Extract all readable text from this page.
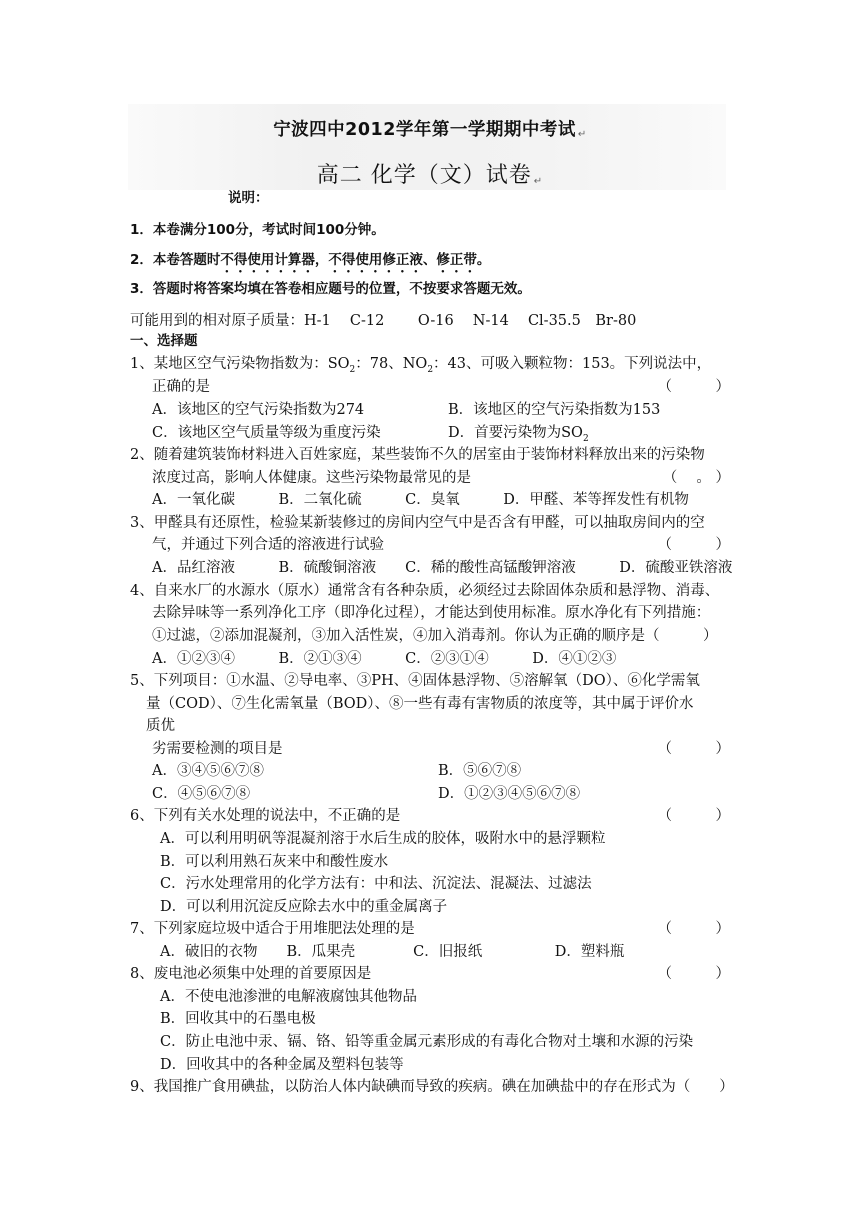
宁波四中2012学年第一学期期中考试 ↵
高二 化学（文）试卷 ↵
说明：
1．本卷满分100分，考试时间100分钟。
2．本卷答题时不得使用计算器，不得使用修正液、修正带。
3．答题时将答案均填在答卷相应题号的位置，不按要求答题无效。
可能用到的相对原子质量：H-1　 C-12　　 O-16　 N-14　 Cl-35.5　Br-80
一、选择题
1、某地区空气污染物指数为：$SO_2$：78、$NO_2$：43、可吸入颗粒物：153。下列说法中，
正确的是	（　　　）
A．该地区的空气污染指数为274	B．该地区的空气污染指数为153
C．该地区空气质量等级为重度污染	D．首要污染物为$SO_2$
2、随着建筑装饰材料进入百姓家庭，某些装饰不久的居室由于装饰材料释放出来的污染物
浓度过高，影响人体健康。这些污染物最常见的是	（　 。 ）
A．一氧化碳　　　B．二氧化硫　　　C．臭氧　　　D．甲醛、苯等挥发性有机物
3、甲醛具有还原性，检验某新装修过的房间内空气中是否含有甲醛，可以抽取房间内的空
气，并通过下列合适的溶液进行试验	（　　　）
A．品红溶液　　　B．硫酸铜溶液　　C．稀的酸性高锰酸钾溶液　　　D．硫酸亚铁溶液
4、自来水厂的水源水（原水）通常含有各种杂质，必须经过去除固体杂质和悬浮物、消毒、
去除异味等一系列净化工序（即净化过程），才能达到使用标准。原水净化有下列措施：
①过滤，②添加混凝剂，③加入活性炭，④加入消毒剂。你认为正确的顺序是（　　　）
A．①②③④　　　B．②①③④　　　C．②③①④　　　D．④①②③
5、下列项目：①水温、②导电率、③PH、④固体悬浮物、⑤溶解氧（DO）、⑥化学需氧
量（COD）、⑦生化需氧量（BOD）、⑧一些有毒有害物质的浓度等，其中属于评价水
质优
劣需要检测的项目是	（　　　）
A．③④⑤⑥⑦⑧	B．⑤⑥⑦⑧
C．④⑤⑥⑦⑧	D．①②③④⑤⑥⑦⑧
6、下列有关水处理的说法中，不正确的是	（　　　）
A．可以利用明矾等混凝剂溶于水后生成的胶体，吸附水中的悬浮颗粒
B．可以利用熟石灰来中和酸性废水
C．污水处理常用的化学方法有：中和法、沉淀法、混凝法、过滤法
D．可以利用沉淀反应除去水中的重金属离子
7、下列家庭垃圾中适合于用堆肥法处理的是	（　　　）
A．破旧的衣物　　B．瓜果壳　　　　C．旧报纸　　　　　D．塑料瓶
8、废电池必须集中处理的首要原因是	（　　　）
A．不使电池渗泄的电解液腐蚀其他物品
B．回收其中的石墨电极
C．防止电池中汞、镉、铬、铅等重金属元素形成的有毒化合物对土壤和水源的污染
D．回收其中的各种金属及塑料包装等
9、我国推广食用碘盐，以防治人体内缺碘而导致的疾病。碘在加碘盐中的存在形式为（　　）
